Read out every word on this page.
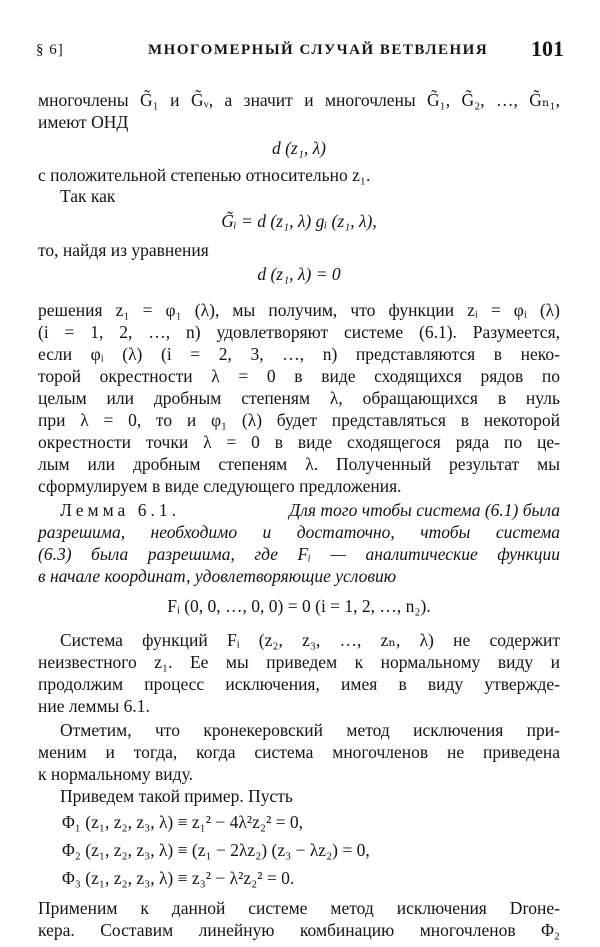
§ 6]	МНОГОМЕРНЫЙ СЛУЧАЙ ВЕТВЛЕНИЯ 101
многочлены G̃₁ и G̃ᵥ, а значит и многочлены G̃₁, G̃₂, …, G̃ₙ₁,
имеют ОНД
d (z₁, λ)
с положительной степенью относительно z₁.
Так как
G̃ᵢ = d (z₁, λ) gᵢ (z₁, λ),
то, найдя из уравнения
d (z₁, λ) = 0
решения z₁ = φ₁ (λ), мы получим, что функции zᵢ = φᵢ (λ)
(i = 1, 2, …, n) удовлетворяют системе (6.1). Разумеется,
если φᵢ (λ) (i = 2, 3, …, n) представляются в неко-
торой окрестности λ = 0 в виде сходящихся рядов по
целым или дробным степеням λ, обращающихся в нуль
при λ = 0, то и φ₁ (λ) будет представляться в некоторой
окрестности точки λ = 0 в виде сходящегося ряда по це-
лым или дробным степеням λ. Полученный результат мы
сформулируем в виде следующего предложения.
Лемма 6.1.	Для того чтобы система (6.1) была
разрешима, необходимо и достаточно, чтобы система
(6.3) была разрешима, где Fᵢ — аналитические функции
в начале координат, удовлетворяющие условию
Fᵢ (0, 0, …, 0, 0) = 0 (i = 1, 2, …, n₂).
Система функций Fᵢ (z₂, z₃, …, zₙ, λ) не содержит
неизвестного z₁. Ее мы приведем к нормальному виду и
продолжим процесс исключения, имея в виду утвержде-
ние леммы 6.1.
Отметим, что кронекеровский метод исключения при-
меним и тогда, когда система многочленов не приведена
к нормальному виду.
Приведем такой пример. Пусть
Φ₁ (z₁, z₂, z₃, λ) ≡ z₁² − 4λ²z₂² = 0,
Φ₂ (z₁, z₂, z₃, λ) ≡ (z₁ − 2λz₂) (z₃ − λz₂) = 0,
Φ₃ (z₁, z₂, z₃, λ) ≡ z₃² − λ²z₂² = 0.
Применим к данной системе метод исключения Droне-
кера. Составим линейную комбинацию многочленов Φ₂
